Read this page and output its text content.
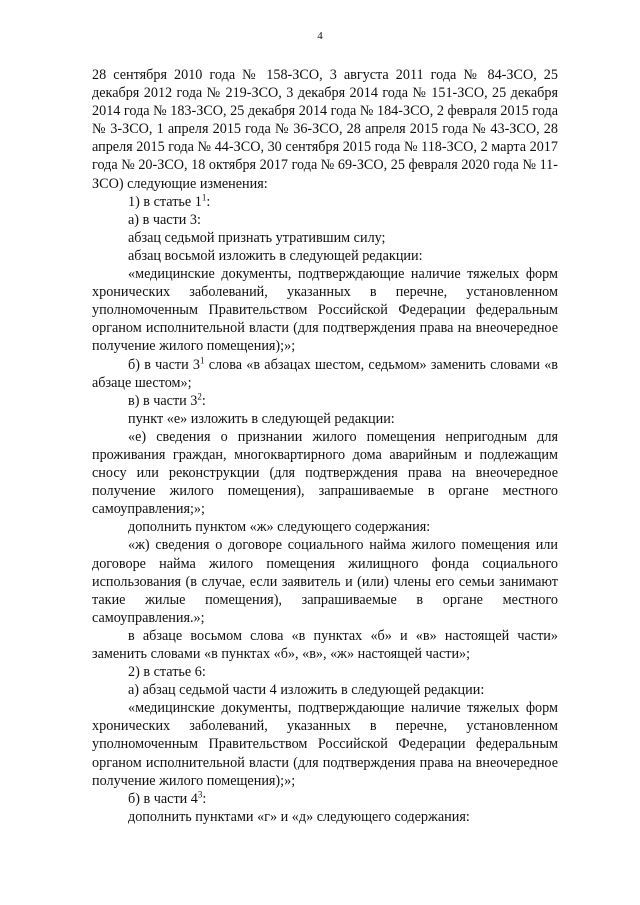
4

28 сентября 2010 года № 158-ЗСО, 3 августа 2011 года № 84-ЗСО, 25 декабря 2012 года № 219-ЗСО, 3 декабря 2014 года № 151-ЗСО, 25 декабря 2014 года № 183-ЗСО, 25 декабря 2014 года № 184-ЗСО, 2 февраля 2015 года № 3-ЗСО, 1 апреля 2015 года № 36-ЗСО, 28 апреля 2015 года № 43-ЗСО, 28 апреля 2015 года № 44-ЗСО, 30 сентября 2015 года № 118-ЗСО, 2 марта 2017 года № 20-ЗСО, 18 октября 2017 года № 69-ЗСО, 25 февраля 2020 года № 11-ЗСО) следующие изменения:

1) в статье $1^1$:

а) в части 3:

абзац седьмой признать утратившим силу;

абзац восьмой изложить в следующей редакции:

«медицинские документы, подтверждающие наличие тяжелых форм хронических заболеваний, указанных в перечне, установленном уполномоченным Правительством Российской Федерации федеральным органом исполнительной власти (для подтверждения права на внеочередное получение жилого помещения);»;

б) в части $3^1$ слова «в абзацах шестом, седьмом» заменить словами «в абзаце шестом»;

в) в части $3^2$:

пункт «е» изложить в следующей редакции:

«е) сведения о признании жилого помещения непригодным для проживания граждан, многоквартирного дома аварийным и подлежащим сносу или реконструкции (для подтверждения права на внеочередное получение жилого помещения), запрашиваемые в органе местного самоуправления;»;

дополнить пунктом «ж» следующего содержания:

«ж) сведения о договоре социального найма жилого помещения или договоре найма жилого помещения жилищного фонда социального использования (в случае, если заявитель и (или) члены его семьи занимают такие жилые помещения), запрашиваемые в органе местного самоуправления.»;

в абзаце восьмом слова «в пунктах «б» и «в» настоящей части» заменить словами «в пунктах «б», «в», «ж» настоящей части»;

2) в статье 6:

а) абзац седьмой части 4 изложить в следующей редакции:

«медицинские документы, подтверждающие наличие тяжелых форм хронических заболеваний, указанных в перечне, установленном уполномоченным Правительством Российской Федерации федеральным органом исполнительной власти (для подтверждения права на внеочередное получение жилого помещения);»;

б) в части $4^3$:

дополнить пунктами «г» и «д» следующего содержания:
